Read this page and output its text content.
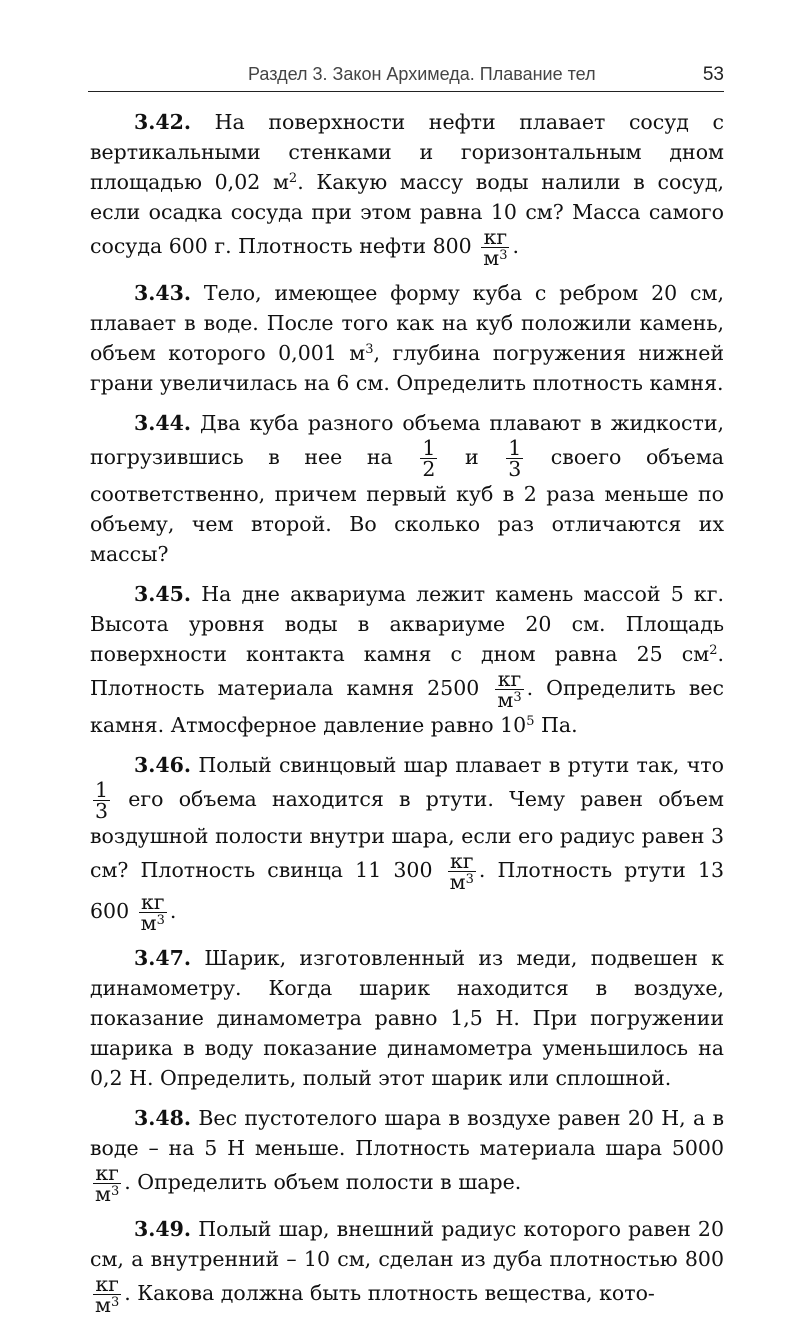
Раздел 3. Закон Архимеда. Плавание тел	53

3.42. На поверхности нефти плавает сосуд с вертикальными стенками и горизонтальным дном площадью 0,02 $м^2$. Какую массу воды налили в сосуд, если осадка сосуда при этом равна 10 см? Масса самого сосуда 600 г. Плотность нефти $800 \frac{кг}{м^3}$ .

3.43. Тело, имеющее форму куба с ребром 20 см, плавает в воде. После того как на куб положили камень, объем которого 0,001 $м^3$, глубина погружения нижней грани увеличилась на 6 см. Определить плотность камня.

3.44. Два куба разного объема плавают в жидкости, погрузившись в нее на $\frac{1}{2}$ и $\frac{1}{3}$ своего объема соответственно, причем первый куб в 2 раза меньше по объему, чем второй. Во сколько раз отличаются их массы?

3.45. На дне аквариума лежит камень массой 5 кг. Высота уровня воды в аквариуме 20 см. Площадь поверхности контакта камня с дном равна 25 $см^2$. Плотность материала камня $2500 \frac{кг}{м^3}$ . Определить вес камня. Атмосферное давление равно $10^5$ Па.

3.46. Полый свинцовый шар плавает в ртути так, что
$\frac{1}{3}$ его объема находится в ртути. Чему равен объем воздушной полости внутри шара, если его радиус равен 3 см? Плотность свинца 11 $300 \frac{кг}{м^3}$ . Плотность ртути 13 $600 \frac{кг}{м^3}$ .

3.47. Шарик, изготовленный из меди, подвешен к динамометру. Когда шарик находится в воздухе, показание динамометра равно 1,5 Н. При погружении шарика в воду показание динамометра уменьшилось на 0,2 Н. Определить, полый этот шарик или сплошной.

3.48. Вес пустотелого шара в воздухе равен 20 Н, а в воде – на 5 Н меньше. Плотность материала шара 5000
$\frac{кг}{м^3}$ . Определить объем полости в шаре.

3.49. Полый шар, внешний радиус которого равен 20 см, а внутренний – 10 см, сделан из дуба плотностью 800
$\frac{кг}{м^3}$ . Какова должна быть плотность вещества, кото-
